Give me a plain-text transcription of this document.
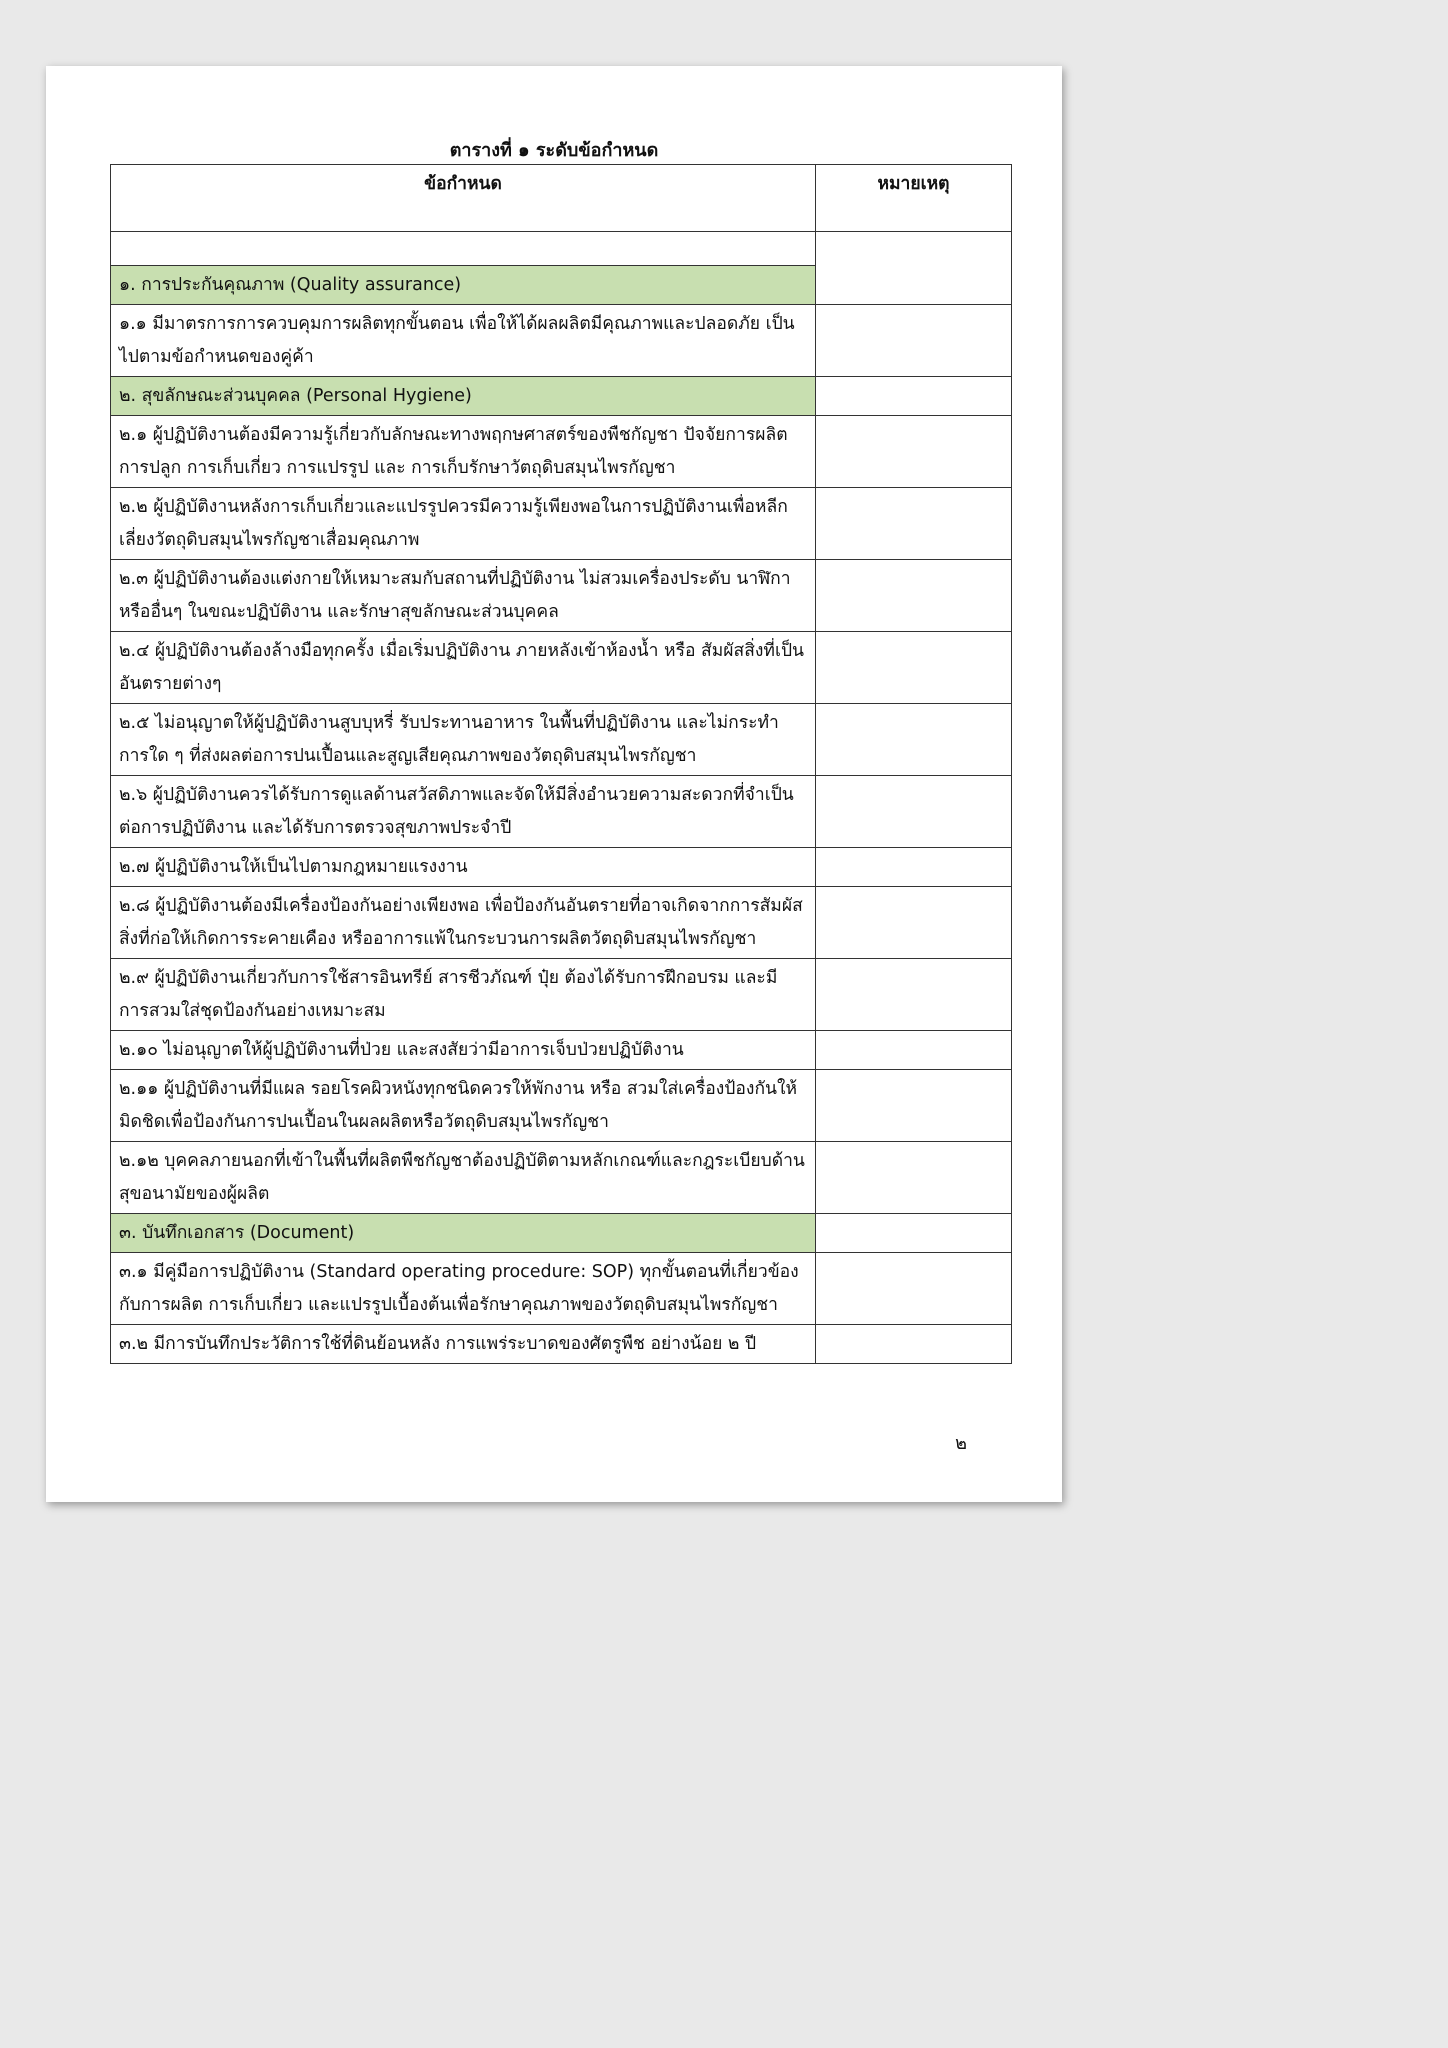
ตารางที่ ๑ ระดับข้อกำหนด
ข้อกำหนด	หมายเหตุ

๑. การประกันคุณภาพ (Quality assurance)	
๑.๑ มีมาตรการการควบคุมการผลิตทุกขั้นตอน เพื่อให้ได้ผลผลิตมีคุณภาพและปลอดภัย เป็นไปตามข้อกำหนดของคู่ค้า	
๒. สุขลักษณะส่วนบุคคล (Personal Hygiene)	
๒.๑ ผู้ปฏิบัติงานต้องมีความรู้เกี่ยวกับลักษณะทางพฤกษศาสตร์ของพืชกัญชา ปัจจัยการผลิต การปลูก การเก็บเกี่ยว การแปรรูป และ การเก็บรักษาวัตถุดิบสมุนไพรกัญชา	
๒.๒ ผู้ปฏิบัติงานหลังการเก็บเกี่ยวและแปรรูปควรมีความรู้เพียงพอในการปฏิบัติงานเพื่อหลีกเลี่ยงวัตถุดิบสมุนไพรกัญชาเสื่อมคุณภาพ	
๒.๓ ผู้ปฏิบัติงานต้องแต่งกายให้เหมาะสมกับสถานที่ปฏิบัติงาน ไม่สวมเครื่องประดับ นาฬิกา หรืออื่นๆ ในขณะปฏิบัติงาน และรักษาสุขลักษณะส่วนบุคคล	
๒.๔ ผู้ปฏิบัติงานต้องล้างมือทุกครั้ง เมื่อเริ่มปฏิบัติงาน ภายหลังเข้าห้องน้ำ หรือ สัมผัสสิ่งที่เป็นอันตรายต่างๆ	
๒.๕ ไม่อนุญาตให้ผู้ปฏิบัติงานสูบบุหรี่ รับประทานอาหาร ในพื้นที่ปฏิบัติงาน และไม่กระทำการใด ๆ ที่ส่งผลต่อการปนเปื้อนและสูญเสียคุณภาพของวัตถุดิบสมุนไพรกัญชา	
๒.๖ ผู้ปฏิบัติงานควรได้รับการดูแลด้านสวัสดิภาพและจัดให้มีสิ่งอำนวยความสะดวกที่จำเป็นต่อการปฏิบัติงาน และได้รับการตรวจสุขภาพประจำปี	
๒.๗ ผู้ปฏิบัติงานให้เป็นไปตามกฎหมายแรงงาน	
๒.๘ ผู้ปฏิบัติงานต้องมีเครื่องป้องกันอย่างเพียงพอ เพื่อป้องกันอันตรายที่อาจเกิดจากการสัมผัสสิ่งที่ก่อให้เกิดการระคายเคือง หรืออาการแพ้ในกระบวนการผลิตวัตถุดิบสมุนไพรกัญชา	
๒.๙ ผู้ปฏิบัติงานเกี่ยวกับการใช้สารอินทรีย์ สารชีวภัณฑ์ ปุ๋ย ต้องได้รับการฝึกอบรม และมีการสวมใส่ชุดป้องกันอย่างเหมาะสม	
๒.๑๐ ไม่อนุญาตให้ผู้ปฏิบัติงานที่ป่วย และสงสัยว่ามีอาการเจ็บป่วยปฏิบัติงาน	
๒.๑๑ ผู้ปฏิบัติงานที่มีแผล รอยโรคผิวหนังทุกชนิดควรให้พักงาน หรือ สวมใส่เครื่องป้องกันให้มิดชิดเพื่อป้องกันการปนเปื้อนในผลผลิตหรือวัตถุดิบสมุนไพรกัญชา	
๒.๑๒ บุคคลภายนอกที่เข้าในพื้นที่ผลิตพืชกัญชาต้องปฏิบัติตามหลักเกณฑ์และกฎระเบียบด้านสุขอนามัยของผู้ผลิต	
๓. บันทึกเอกสาร (Document)	
๓.๑ มีคู่มือการปฏิบัติงาน (Standard operating procedure: SOP) ทุกขั้นตอนที่เกี่ยวข้องกับการผลิต การเก็บเกี่ยว และแปรรูปเบื้องต้นเพื่อรักษาคุณภาพของวัตถุดิบสมุนไพรกัญชา	
๓.๒ มีการบันทึกประวัติการใช้ที่ดินย้อนหลัง การแพร่ระบาดของศัตรูพืช อย่างน้อย ๒ ปี	
๒
